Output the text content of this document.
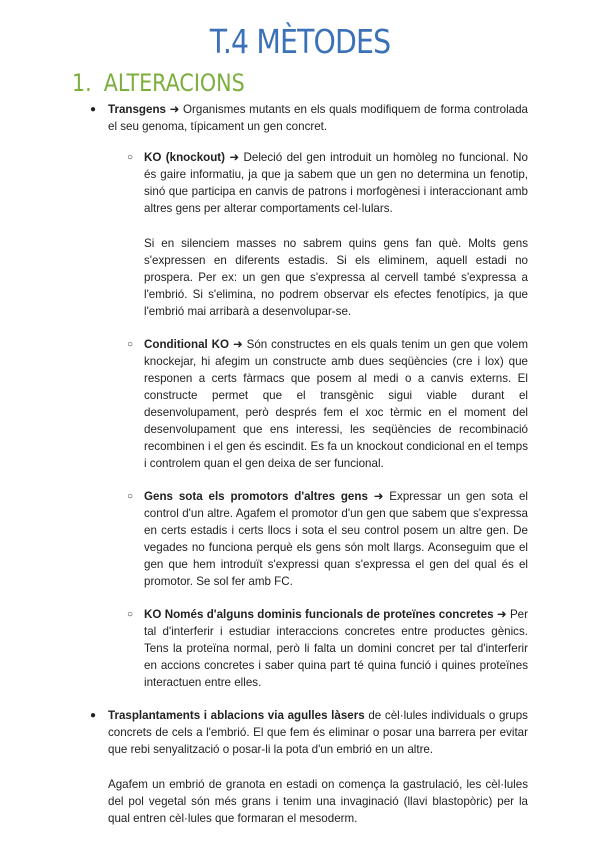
T.4 MÈTODES
1. ALTERACIONS
● Transgens ➜ Organismes mutants en els quals modifiquem de forma controlada el seu genoma, típicament un gen concret.

○ KO (knockout) ➜ Deleció del gen introduit un homòleg no funcional. No és gaire informatiu, ja que ja sabem que un gen no determina un fenotip, sinó que participa en canvis de patrons i morfogènesi i interaccionant amb altres gens per alterar comportaments cel·lulars.

Si en silenciem masses no sabrem quins gens fan què. Molts gens s'expressen en diferents estadis. Si els eliminem, aquell estadi no prospera. Per ex: un gen que s'expressa al cervell també s'expressa a l'embrió. Si s'elimina, no podrem observar els efectes fenotípics, ja que l'embrió mai arribarà a desenvolupar-se.

○ Conditional KO ➜ Són constructes en els quals tenim un gen que volem knockejar, hi afegim un constructe amb dues seqüències (cre i lox) que responen a certs fàrmacs que posem al medi o a canvis externs. El constructe permet que el transgènic sigui viable durant el desenvolupament, però després fem el xoc tèrmic en el moment del desenvolupament que ens interessi, les seqüències de recombinació recombinen i el gen és escindit. Es fa un knockout condicional en el temps i controlem quan el gen deixa de ser funcional.

○ Gens sota els promotors d'altres gens ➜ Expressar un gen sota el control d'un altre. Agafem el promotor d'un gen que sabem que s'expressa en certs estadis i certs llocs i sota el seu control posem un altre gen. De vegades no funciona perquè els gens són molt llargs. Aconseguim que el gen que hem introduït s'expressi quan s'expressa el gen del qual és el promotor. Se sol fer amb FC.

○ KO Només d'alguns dominis funcionals de proteïnes concretes ➜ Per tal d'interferir i estudiar interaccions concretes entre productes gènics. Tens la proteïna normal, però li falta un domini concret per tal d'interferir en accions concretes i saber quina part té quina funció i quines proteïnes interactuen entre elles.

● Trasplantaments i ablacions via agulles làsers de cèl·lules individuals o grups concrets de cels a l'embrió. El que fem és eliminar o posar una barrera per evitar que rebi senyalització o posar-li la pota d'un embrió en un altre.

Agafem un embrió de granota en estadi on comença la gastrulació, les cèl·lules del pol vegetal són més grans i tenim una invaginació (llavi blastopòric) per la qual entren cèl·lules que formaran el mesoderm.
